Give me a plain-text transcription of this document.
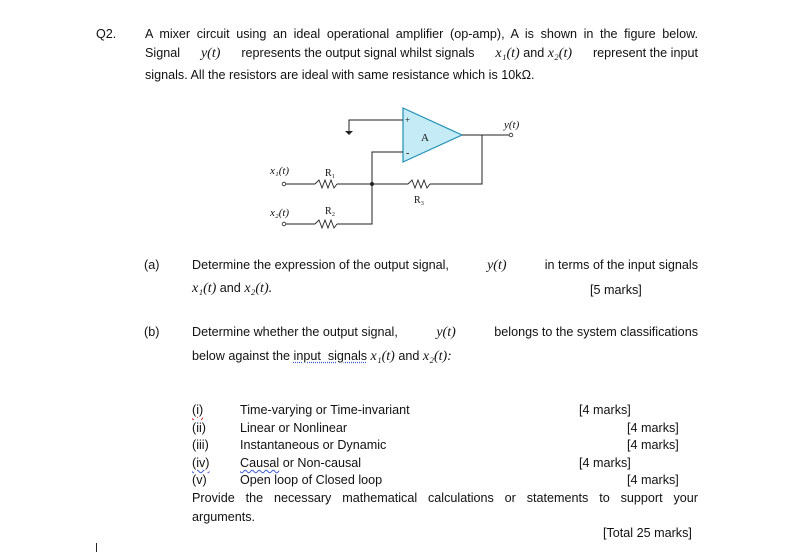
Q2. A mixer circuit using an ideal operational amplifier (op-amp), A is shown in the figure below.
Signal y(t) represents the output signal whilst signals x₁(t) and x₂(t) represent the input
signals. All the resistors are ideal with same resistance which is 10kΩ.
A
+
-
y(t)
R₃
x₁(t)	R₁
x₂(t)	R₂
(a)	Determine the expression of the output signal,	y(t)	in terms of the input signals
x₁(t) and x₂(t).	[5 marks]
(b)	Determine whether the output signal,	y(t)	belongs to the system classifications
below against the input  signals x₁(t) and x₂(t):
(i)	Time-varying or Time-invariant	[4 marks]
(ii)	Linear or Nonlinear	[4 marks]
(iii) Instantaneous or Dynamic	[4 marks]
(iv) Causal or Non-causal	[4 marks]
(v)	Open loop of Closed loop	[4 marks]
Provide the necessary mathematical calculations or statements to support your
arguments.
[Total 25 marks]
